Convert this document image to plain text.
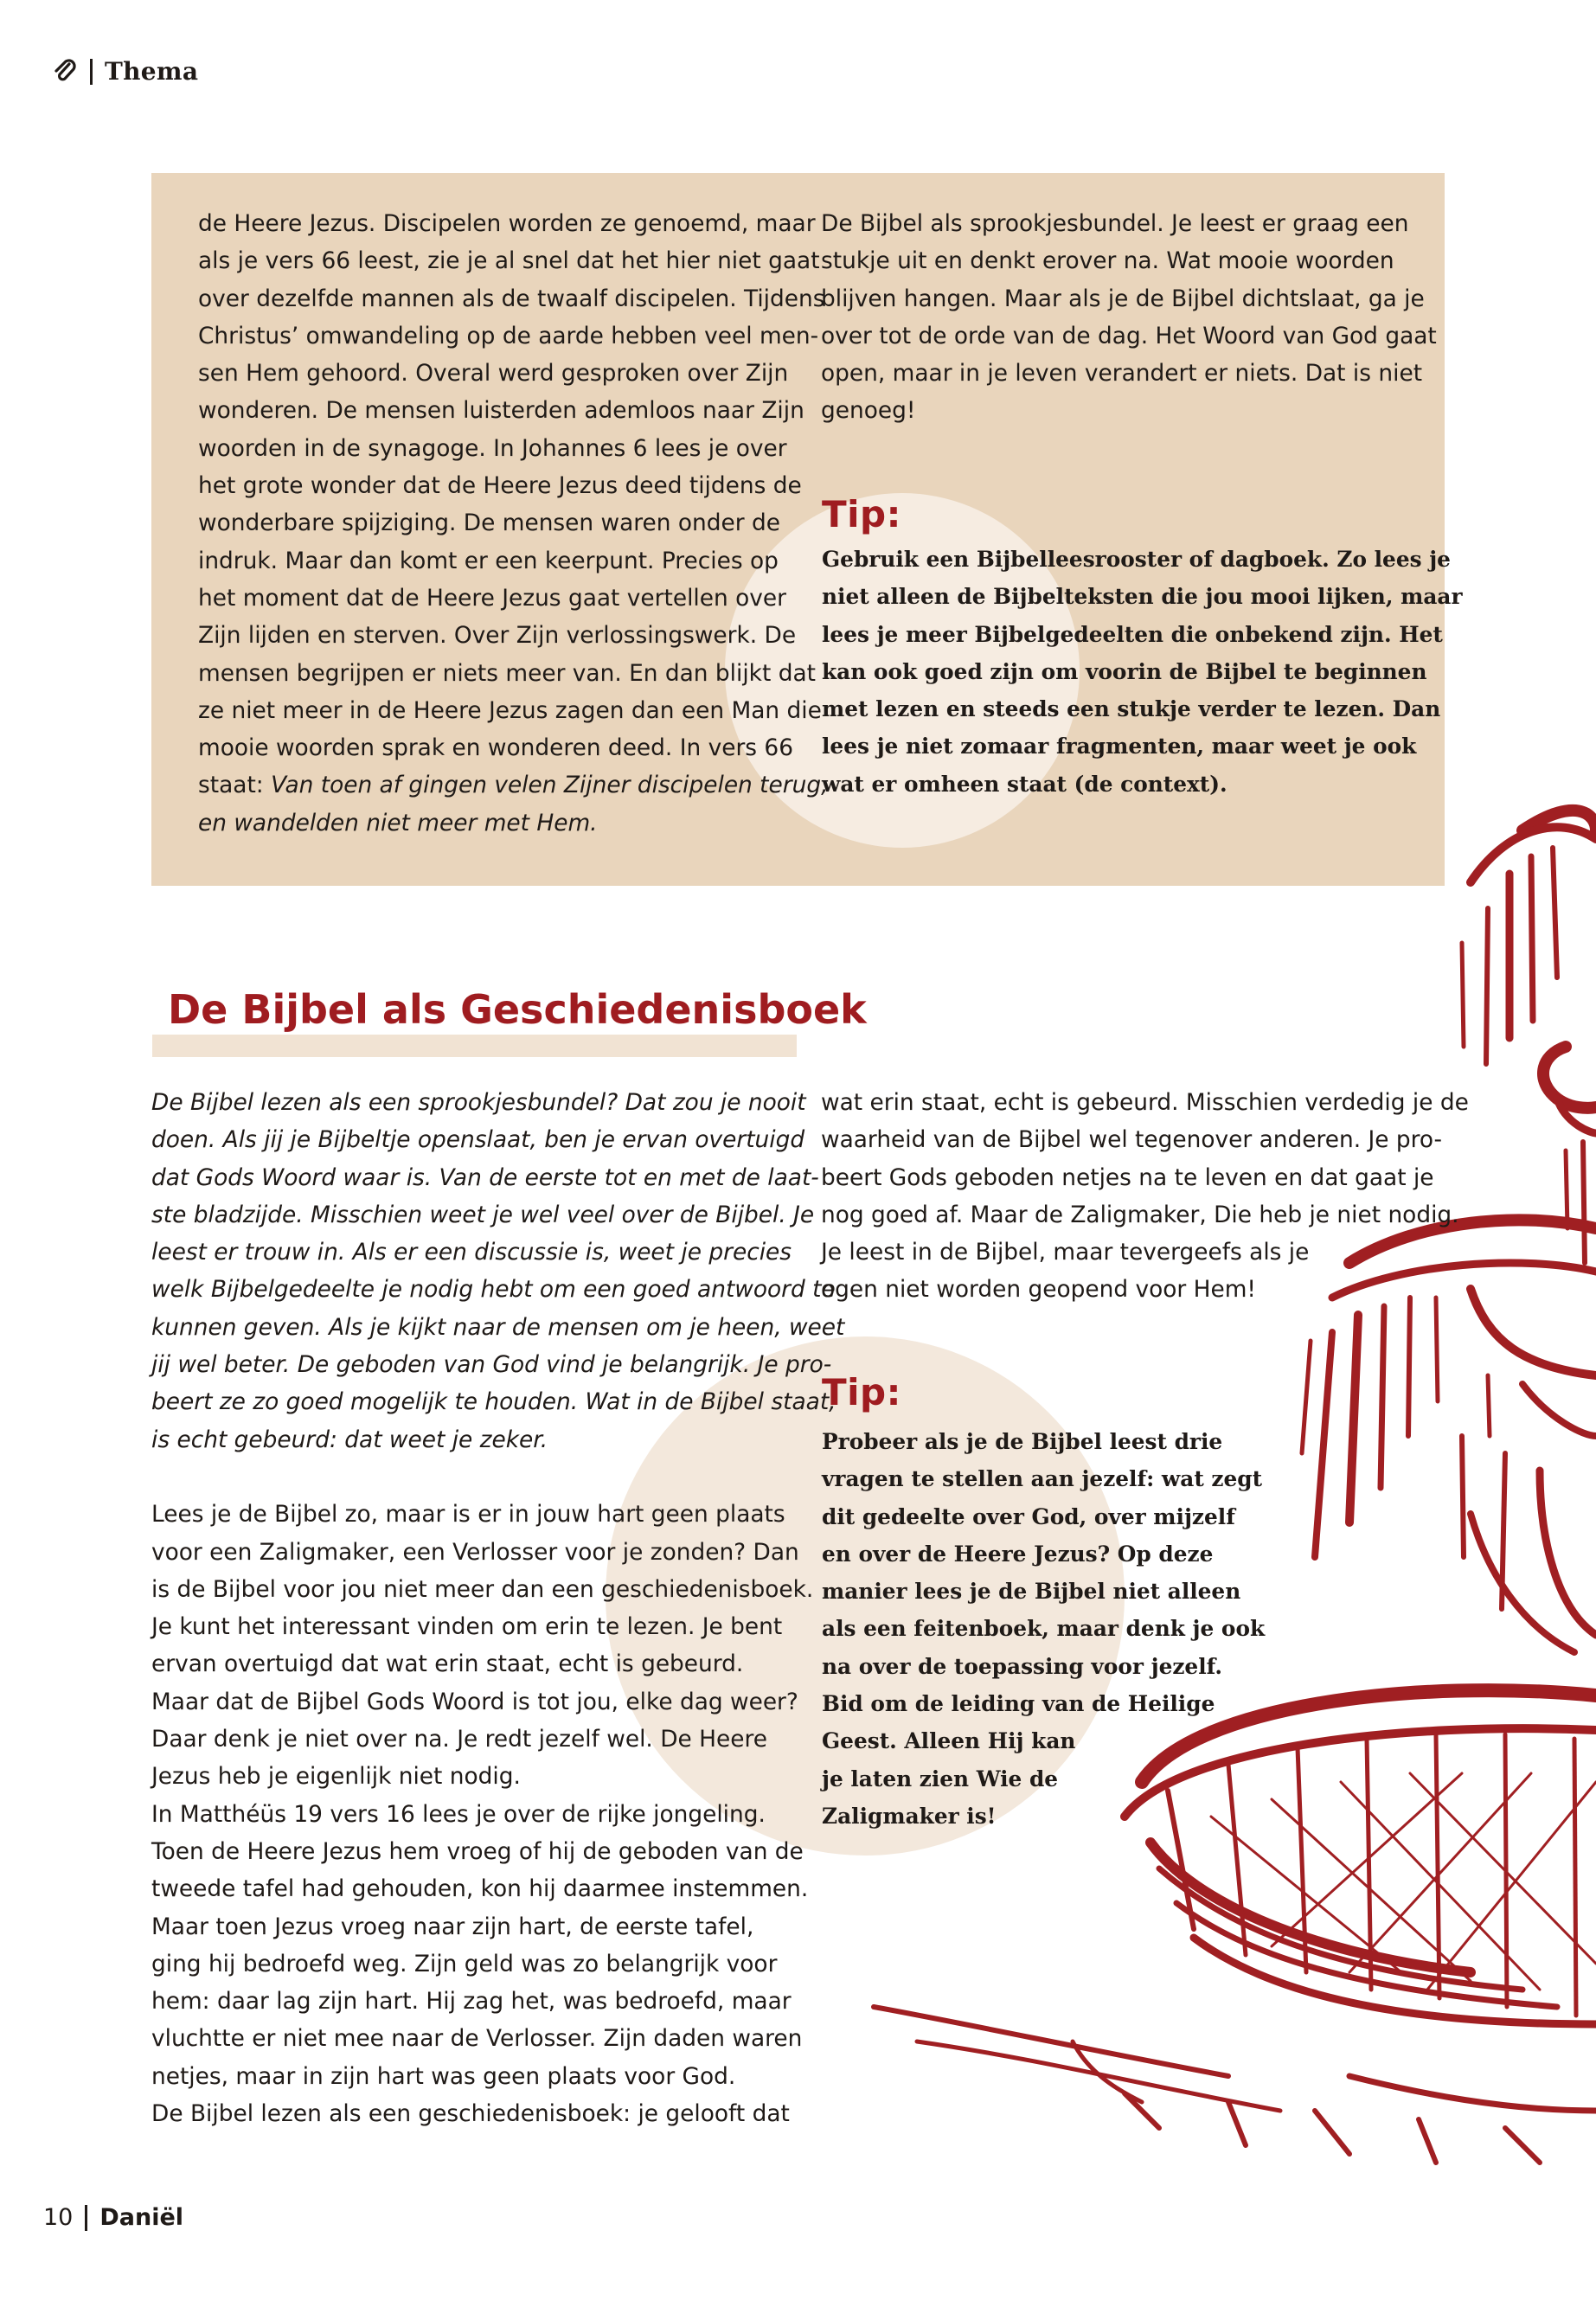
Thema

de Heere Jezus. Discipelen worden ze genoemd, maar

als je vers 66 leest, zie je al snel dat het hier niet gaat

over dezelfde mannen als de twaalf discipelen. Tijdens

Christus’ omwandeling op de aarde hebben veel men-

sen Hem gehoord. Overal werd gesproken over Zijn

wonderen. De mensen luisterden ademloos naar Zijn

woorden in de synagoge. In Johannes 6 lees je over

het grote wonder dat de Heere Jezus deed tijdens de

wonderbare spijziging. De mensen waren onder de

indruk. Maar dan komt er een keerpunt. Precies op

het moment dat de Heere Jezus gaat vertellen over

Zijn lijden en sterven. Over Zijn verlossingswerk. De

mensen begrijpen er niets meer van. En dan blijkt dat

ze niet meer in de Heere Jezus zagen dan een Man die

mooie woorden sprak en wonderen deed. In vers 66

staat: Van toen af gingen velen Zijner discipelen terug,

en wandelden niet meer met Hem.

De Bijbel als sprookjesbundel. Je leest er graag een

stukje uit en denkt erover na. Wat mooie woorden

blijven hangen. Maar als je de Bijbel dichtslaat, ga je

over tot de orde van de dag. Het Woord van God gaat

open, maar in je leven verandert er niets. Dat is niet

genoeg!

Tip:

Gebruik een Bijbelleesrooster of dagboek. Zo lees je

niet alleen de Bijbelteksten die jou mooi lijken, maar

lees je meer Bijbelgedeelten die onbekend zijn. Het

kan ook goed zijn om voorin de Bijbel te beginnen

met lezen en steeds een stukje verder te lezen. Dan

lees je niet zomaar fragmenten, maar weet je ook

wat er omheen staat (de context).

De Bijbel als Geschiedenisboek

De Bijbel lezen als een sprookjesbundel? Dat zou je nooit

doen. Als jij je Bijbeltje openslaat, ben je ervan overtuigd

dat Gods Woord waar is. Van de eerste tot en met de laat-

ste bladzijde. Misschien weet je wel veel over de Bijbel. Je

leest er trouw in. Als er een discussie is, weet je precies

welk Bijbelgedeelte je nodig hebt om een goed antwoord te

kunnen geven. Als je kijkt naar de mensen om je heen, weet

jij wel beter. De geboden van God vind je belangrijk. Je pro-

beert ze zo goed mogelijk te houden. Wat in de Bijbel staat,

is echt gebeurd: dat weet je zeker.

Lees je de Bijbel zo, maar is er in jouw hart geen plaats

voor een Zaligmaker, een Verlosser voor je zonden? Dan

is de Bijbel voor jou niet meer dan een geschiedenisboek.

Je kunt het interessant vinden om erin te lezen. Je bent

ervan overtuigd dat wat erin staat, echt is gebeurd.

Maar dat de Bijbel Gods Woord is tot jou, elke dag weer?

Daar denk je niet over na. Je redt jezelf wel. De Heere

Jezus heb je eigenlijk niet nodig.

In Matthéüs 19 vers 16 lees je over de rijke jongeling.

Toen de Heere Jezus hem vroeg of hij de geboden van de

tweede tafel had gehouden, kon hij daarmee instemmen.

Maar toen Jezus vroeg naar zijn hart, de eerste tafel,

ging hij bedroefd weg. Zijn geld was zo belangrijk voor

hem: daar lag zijn hart. Hij zag het, was bedroefd, maar

vluchtte er niet mee naar de Verlosser. Zijn daden waren

netjes, maar in zijn hart was geen plaats voor God.

De Bijbel lezen als een geschiedenisboek: je gelooft dat

wat erin staat, echt is gebeurd. Misschien verdedig je de

waarheid van de Bijbel wel tegenover anderen. Je pro-

beert Gods geboden netjes na te leven en dat gaat je

nog goed af. Maar de Zaligmaker, Die heb je niet nodig.

Je leest in de Bijbel, maar tevergeefs als je

ogen niet worden geopend voor Hem!

Tip:

Probeer als je de Bijbel leest drie

vragen te stellen aan jezelf: wat zegt

dit gedeelte over God, over mijzelf

en over de Heere Jezus? Op deze

manier lees je de Bijbel niet alleen

als een feitenboek, maar denk je ook

na over de toepassing voor jezelf.

Bid om de leiding van de Heilige

Geest. Alleen Hij kan

je laten zien Wie de

Zaligmaker is!

10 Daniël
